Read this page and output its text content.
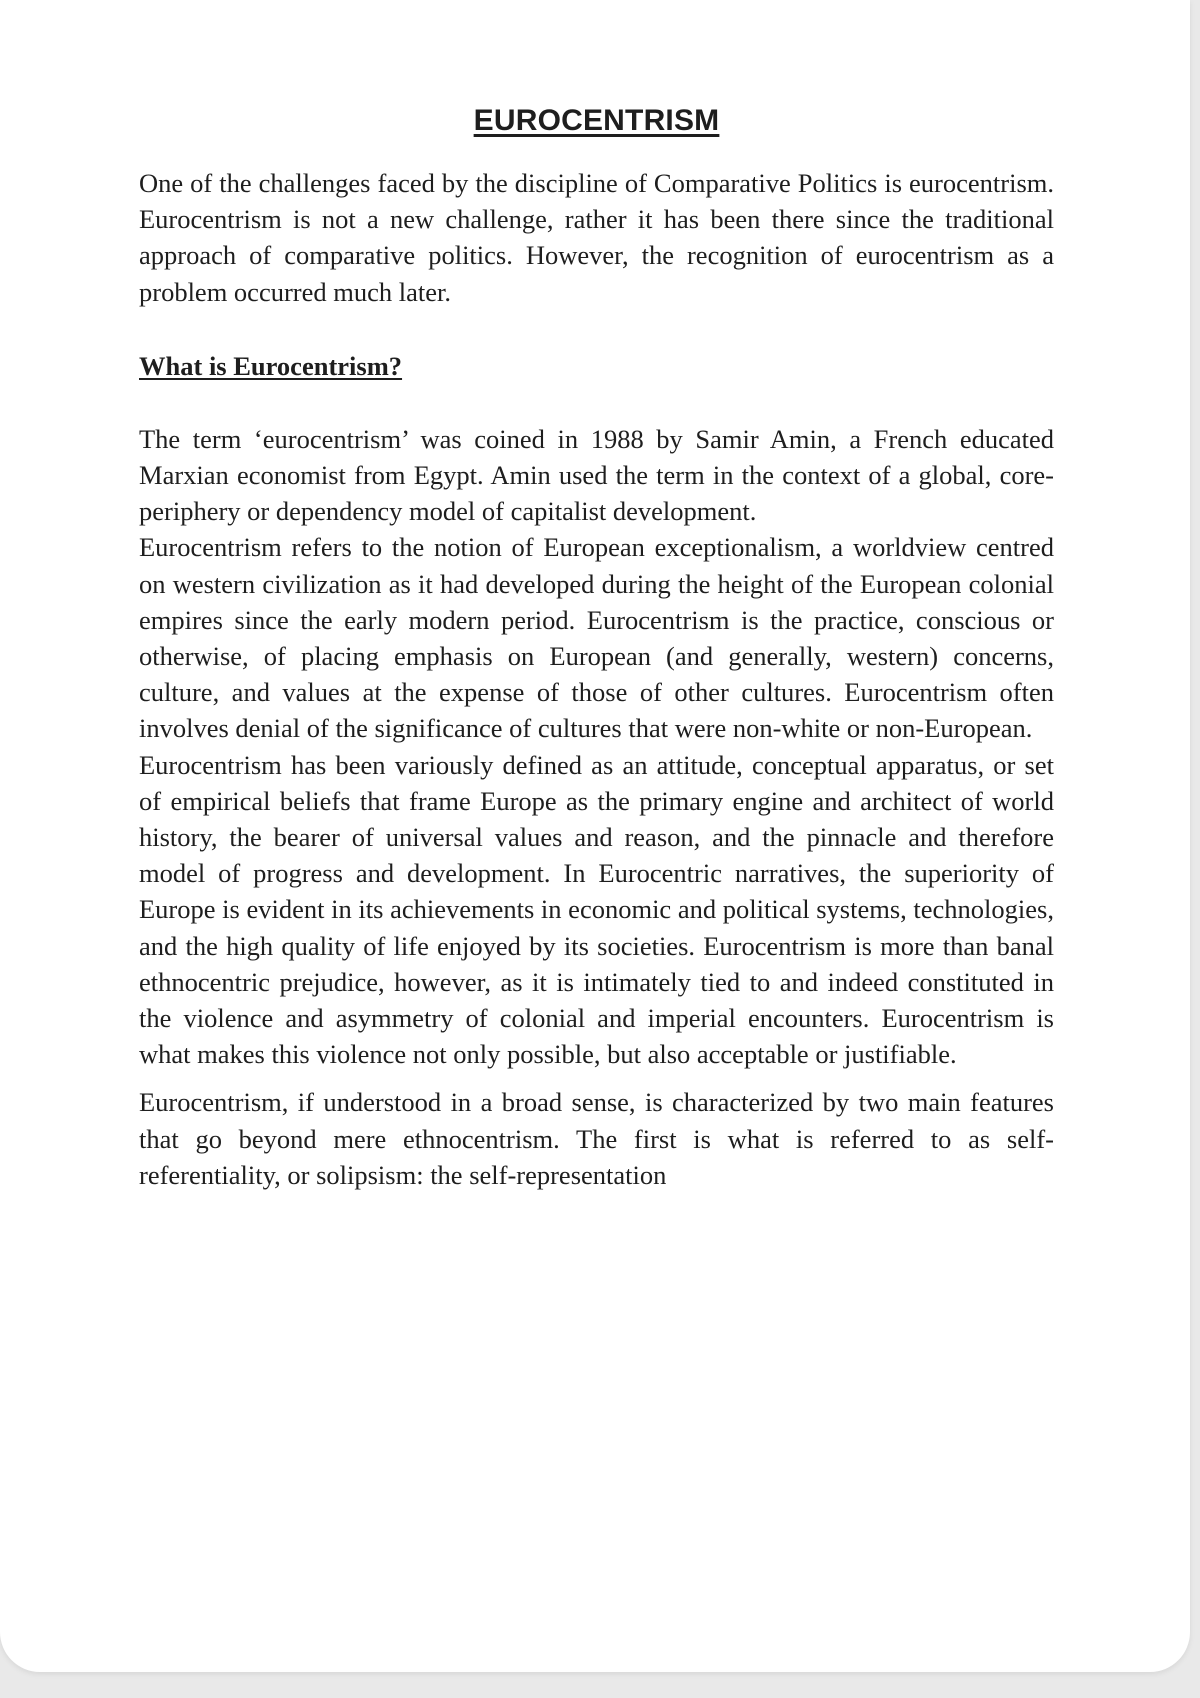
EUROCENTRISM

One of the challenges faced by the discipline of Comparative Politics is eurocentrism. Eurocentrism is not a new challenge, rather it has been there since the traditional approach of comparative politics. However, the recognition of eurocentrism as a problem occurred much later.

What is Eurocentrism?

The term ‘eurocentrism’ was coined in 1988 by Samir Amin, a French educated Marxian economist from Egypt. Amin used the term in the context of a global, core-periphery or dependency model of capitalist development.

Eurocentrism refers to the notion of European exceptionalism, a worldview centred on western civilization as it had developed during the height of the European colonial empires since the early modern period. Eurocentrism is the practice, conscious or otherwise, of placing emphasis on European (and generally, western) concerns, culture, and values at the expense of those of other cultures. Eurocentrism often involves denial of the significance of cultures that were non-white or non-European.

Eurocentrism has been variously defined as an attitude, conceptual apparatus, or set of empirical beliefs that frame Europe as the primary engine and architect of world history, the bearer of universal values and reason, and the pinnacle and therefore model of progress and development. In Eurocentric narratives, the superiority of Europe is evident in its achievements in economic and political systems, technologies, and the high quality of life enjoyed by its societies. Eurocentrism is more than banal ethnocentric prejudice, however, as it is intimately tied to and indeed constituted in the violence and asymmetry of colonial and imperial encounters. Eurocentrism is what makes this violence not only possible, but also acceptable or justifiable.

Eurocentrism, if understood in a broad sense, is characterized by two main features that go beyond mere ethnocentrism. The first is what is referred to as self-referentiality, or solipsism: the self-representation
